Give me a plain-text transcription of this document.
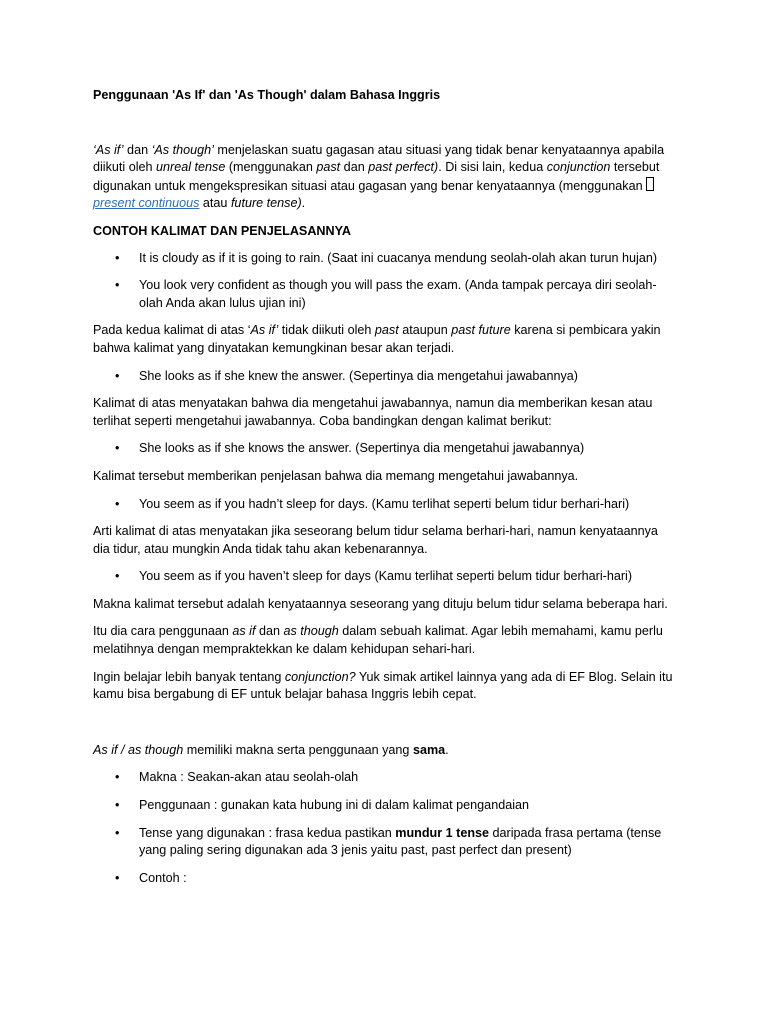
Penggunaan 'As If' dan 'As Though' dalam Bahasa Inggris

‘As if’ dan ‘As though’ menjelaskan suatu gagasan atau situasi yang tidak benar kenyataannya apabila diikuti oleh unreal tense (menggunakan past dan past perfect). Di sisi lain, kedua conjunction tersebut digunakan untuk mengekspresikan situasi atau gagasan yang benar kenyataannya (menggunakan present continuous atau future tense).

CONTOH KALIMAT DAN PENJELASANNYA

• It is cloudy as if it is going to rain. (Saat ini cuacanya mendung seolah-olah akan turun hujan)
• You look very confident as though you will pass the exam. (Anda tampak percaya diri seolah-olah Anda akan lulus ujian ini)

Pada kedua kalimat di atas ‘As if’ tidak diikuti oleh past ataupun past future karena si pembicara yakin bahwa kalimat yang dinyatakan kemungkinan besar akan terjadi.

• She looks as if she knew the answer. (Sepertinya dia mengetahui jawabannya)

Kalimat di atas menyatakan bahwa dia mengetahui jawabannya, namun dia memberikan kesan atau terlihat seperti mengetahui jawabannya. Coba bandingkan dengan kalimat berikut:

• She looks as if she knows the answer. (Sepertinya dia mengetahui jawabannya)

Kalimat tersebut memberikan penjelasan bahwa dia memang mengetahui jawabannya.

• You seem as if you hadn’t sleep for days. (Kamu terlihat seperti belum tidur berhari-hari)

Arti kalimat di atas menyatakan jika seseorang belum tidur selama berhari-hari, namun kenyataannya dia tidur, atau mungkin Anda tidak tahu akan kebenarannya.

• You seem as if you haven’t sleep for days (Kamu terlihat seperti belum tidur berhari-hari)

Makna kalimat tersebut adalah kenyataannya seseorang yang dituju belum tidur selama beberapa hari.

Itu dia cara penggunaan as if dan as though dalam sebuah kalimat. Agar lebih memahami, kamu perlu melatihnya dengan mempraktekkan ke dalam kehidupan sehari-hari.

Ingin belajar lebih banyak tentang conjunction? Yuk simak artikel lainnya yang ada di EF Blog. Selain itu kamu bisa bergabung di EF untuk belajar bahasa Inggris lebih cepat.

As if / as though memiliki makna serta penggunaan yang sama.

• Makna : Seakan-akan atau seolah-olah
• Penggunaan : gunakan kata hubung ini di dalam kalimat pengandaian
• Tense yang digunakan : frasa kedua pastikan mundur 1 tense daripada frasa pertama (tense yang paling sering digunakan ada 3 jenis yaitu past, past perfect dan present)
• Contoh :
